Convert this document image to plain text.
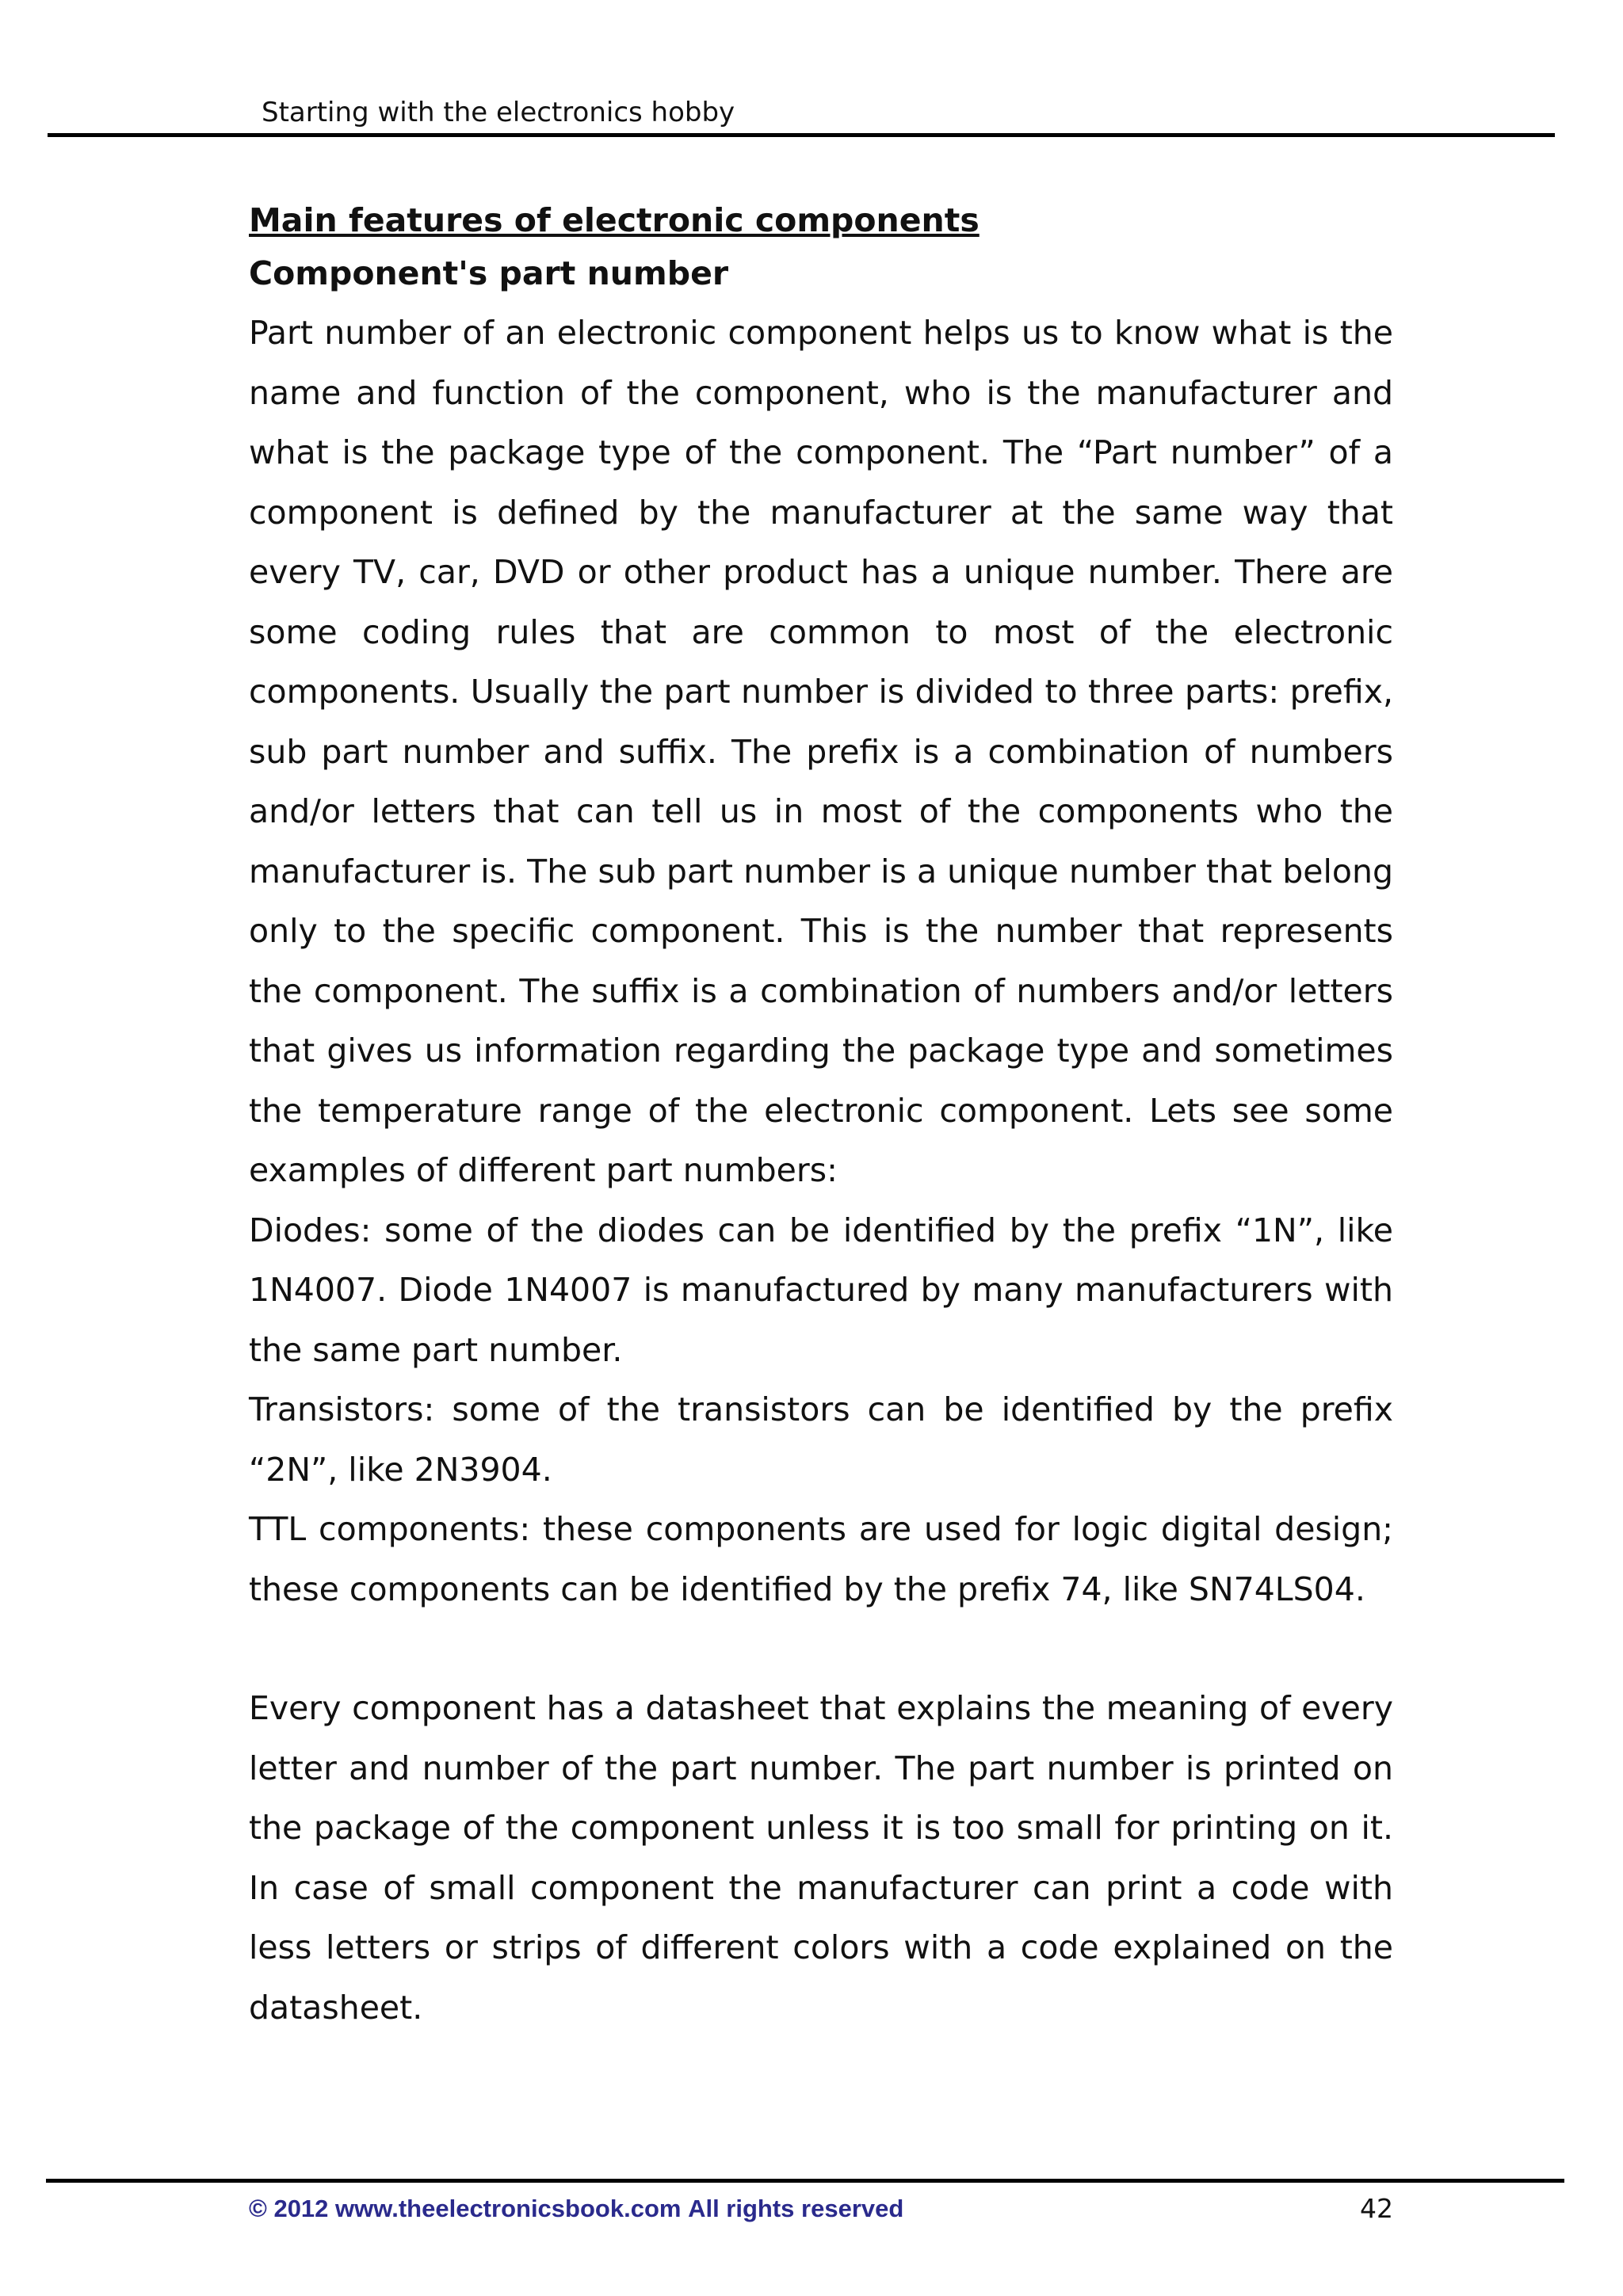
Starting with the electronics hobby
Main features of electronic components
Component's part number

Part number of an electronic component helps us to know what is the name and function of the component, who is the manufacturer and what is the package type of the component. The “Part number” of a component is defined by the manufacturer at the same way that every TV, car, DVD or other product has a unique number. There are some coding rules that are common to most of the electronic components. Usually the part number is divided to three parts: prefix, sub part number and suffix. The prefix is a combination of numbers and/or letters that can tell us in most of the components who the manufacturer is. The sub part number is a unique number that belong only to the specific component. This is the number that represents the component. The suffix is a combination of numbers and/or letters that gives us information regarding the package type and sometimes the temperature range of the electronic component. Lets see some examples of different part numbers:

Diodes: some of the diodes can be identified by the prefix “1N”, like 1N4007. Diode 1N4007 is manufactured by many manufacturers with the same part number.

Transistors: some of the transistors can be identified by the prefix “2N”, like 2N3904.

TTL components: these components are used for logic digital design; these components can be identified by the prefix 74, like SN74LS04.

Every component has a datasheet that explains the meaning of every letter and number of the part number. The part number is printed on the package of the component unless it is too small for printing on it. In case of small component the manufacturer can print a code with less letters or strips of different colors with a code explained on the datasheet.

© 2012 www.theelectronicsbook.com All rights reserved	42
